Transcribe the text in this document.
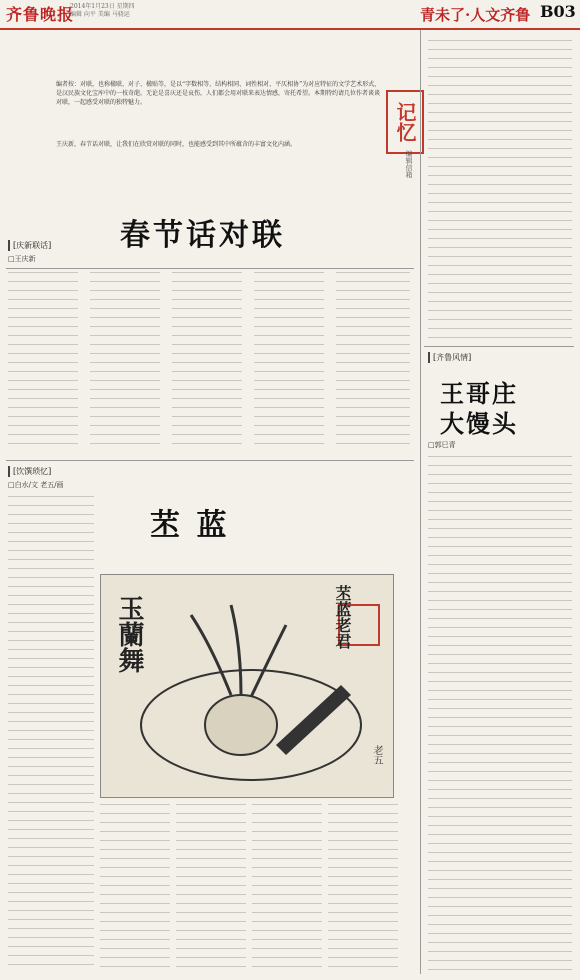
齐鲁晚报
2014年1月23日 星期四
编辑 向平 美编 马骁运	青未了·人文齐鲁 B03

编者按：对联，也称楹联、对子、楹贴等，是以“字数相等、结构相同、词性相对、平仄相协”为对应特征的文学艺术形式，是汉民族文化宝库中的一枝奇葩。无论是喜庆还是哀伤，人们都会用对联来表达情感，寄托希望。本期特约请几位作者谈谈对联，一起感受对联的独特魅力。

王庆新，春节话对联，让我们在欣赏对联的同时，也能感受到其中所蕴含的丰富文化内涵。
记忆
编辑信箱
[庆新联话]
□王庆新
春节话对联
[饮馔琐忆]
□白水/文 老五/画
苤 蓝
玉蘭舞	苤蓝老君
老五
[齐鲁风情]
王哥庄
大馒头
□郭巳青
